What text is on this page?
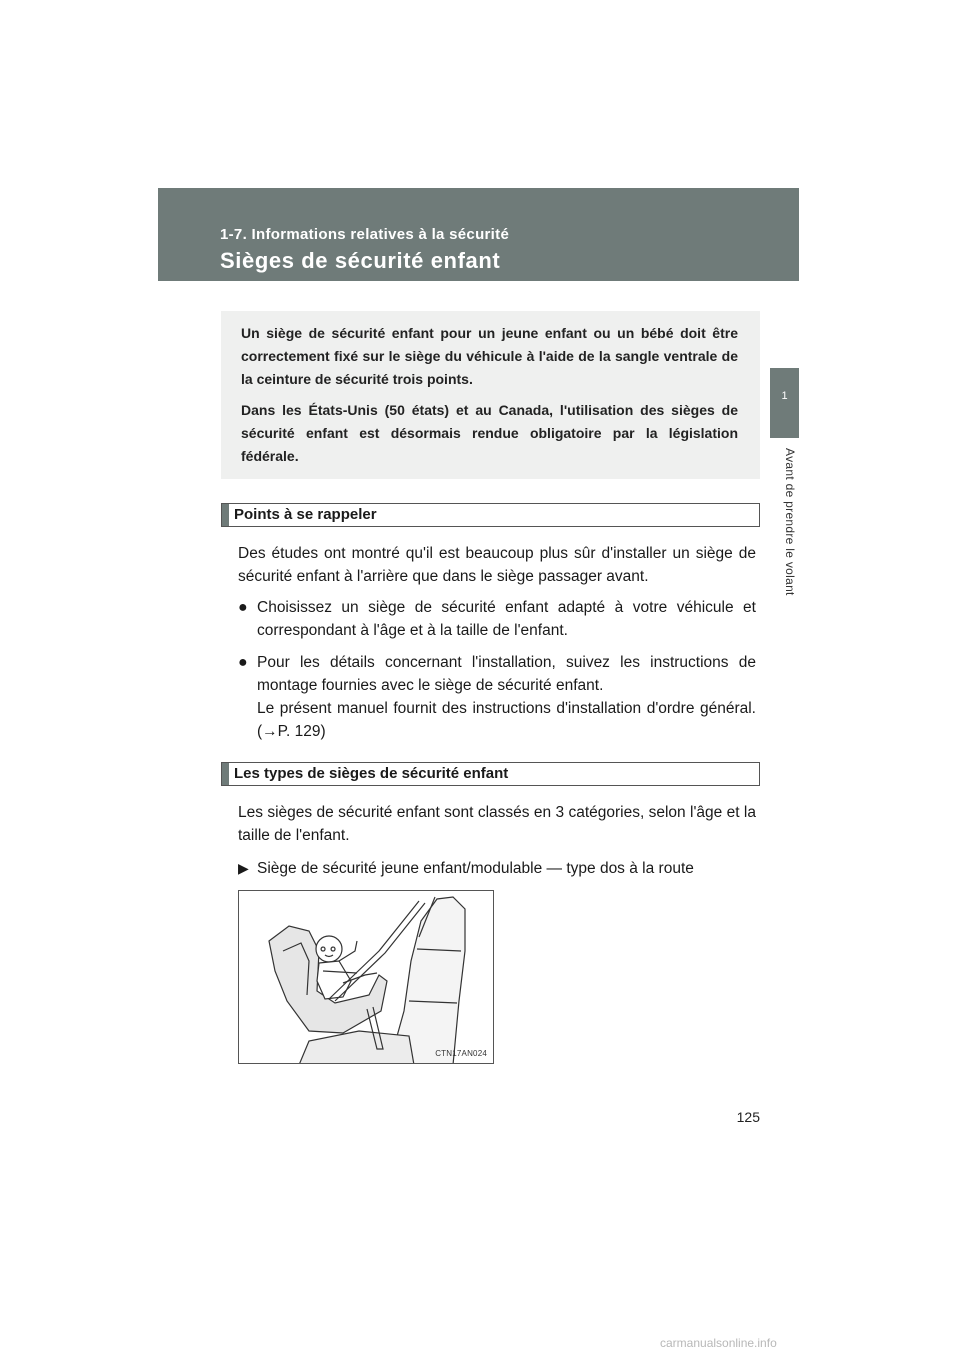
1-7. Informations relatives à la sécurité
Sièges de sécurité enfant
1
Avant de prendre le volant

Un siège de sécurité enfant pour un jeune enfant ou un bébé doit être correctement fixé sur le siège du véhicule à l'aide de la sangle ventrale de la ceinture de sécurité trois points.

Dans les États-Unis (50 états) et au Canada, l'utilisation des sièges de sécurité enfant est désormais rendue obligatoire par la législation fédérale.

Points à se rappeler

Des études ont montré qu'il est beaucoup plus sûr d'installer un siège de sécurité enfant à l'arrière que dans le siège passager avant.

● Choisissez un siège de sécurité enfant adapté à votre véhicule et correspondant à l'âge et à la taille de l'enfant.
● Pour les détails concernant l'installation, suivez les instructions de montage fournies avec le siège de sécurité enfant.
Le présent manuel fournit des instructions d'installation d'ordre général. (→P. 129)
Les types de sièges de sécurité enfant

Les sièges de sécurité enfant sont classés en 3 catégories, selon l'âge et la taille de l'enfant.

▶ Siège de sécurité jeune enfant/modulable — type dos à la route
CTN17AN024
125
carmanualsonline.info
